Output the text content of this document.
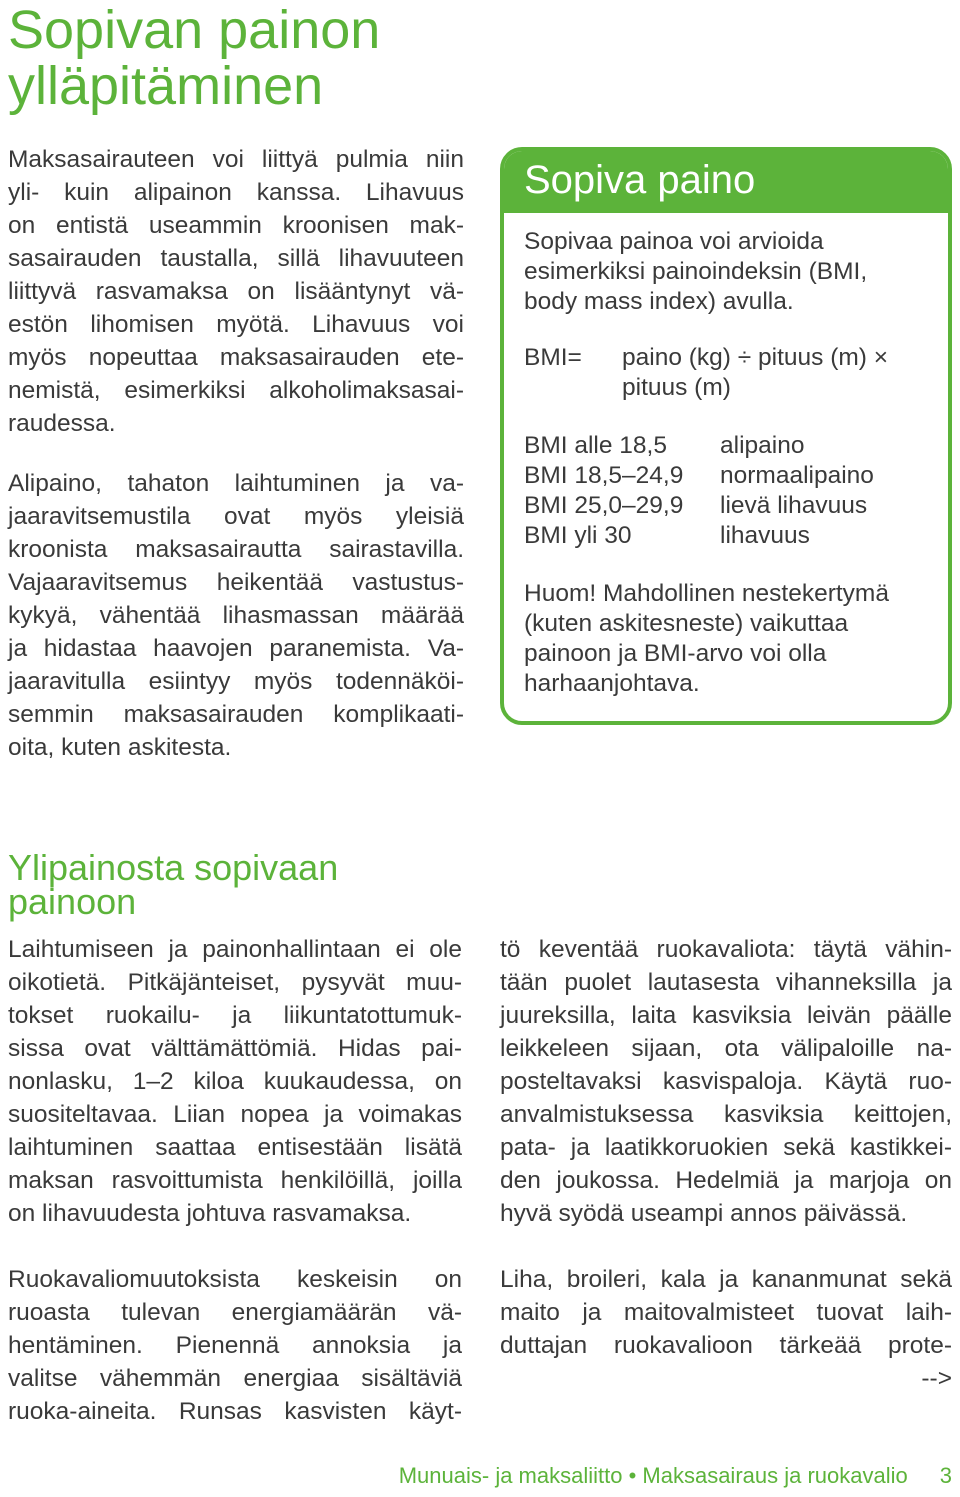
Sopivan painon
ylläpitäminen

Maksasairauteen voi liittyä pulmia niin
yli- kuin alipainon kanssa. Lihavuus
on entistä useammin kroonisen mak-
sasairauden taustalla, sillä lihavuuteen
liittyvä rasvamaksa on lisääntynyt vä-
estön lihomisen myötä. Lihavuus voi
myös nopeuttaa maksasairauden ete-
nemistä, esimerkiksi alkoholimaksasai-
raudessa.

Alipaino, tahaton laihtuminen ja va-
jaaravitsemustila ovat myös yleisiä
kroonista maksasairautta sairastavilla.
Vajaaravitsemus heikentää vastustus-
kykyä, vähentää lihasmassan määrää
ja hidastaa haavojen paranemista. Va-
jaaravitulla esiintyy myös todennäköi-
semmin maksasairauden komplikaati-
oita, kuten askitesta.

Sopiva paino
Sopivaa painoa voi arvioida
esimerkiksi painoindeksin (BMI,
body mass index) avulla.
BMI=	paino (kg) ÷ pituus (m) ×
pituus (m)
BMI alle 18,5	alipaino
BMI 18,5–24,9	normaalipaino
BMI 25,0–29,9	lievä lihavuus
BMI yli 30	lihavuus
Huom! Mahdollinen nestekertymä
(kuten askitesneste) vaikuttaa
painoon ja BMI-arvo voi olla
harhaanjohtava.
Ylipainosta sopivaan
painoon

Laihtumiseen ja painonhallintaan ei ole
oikotietä. Pitkäjänteiset, pysyvät muu-
tokset ruokailu- ja liikuntatottumuk-
sissa ovat välttämättömiä. Hidas pai-
nonlasku, 1–2 kiloa kuukaudessa, on
suositeltavaa. Liian nopea ja voimakas
laihtuminen saattaa entisestään lisätä
maksan rasvoittumista henkilöillä, joilla
on lihavuudesta johtuva rasvamaksa.

Ruokavaliomuutoksista keskeisin on
ruoasta tulevan energiamäärän vä-
hentäminen. Pienennä annoksia ja
valitse vähemmän energiaa sisältäviä
ruoka-aineita. Runsas kasvisten käyt-

tö keventää ruokavaliota: täytä vähin-
tään puolet lautasesta vihanneksilla ja
juureksilla, laita kasviksia leivän päälle
leikkeleen sijaan, ota välipaloille na-
posteltavaksi kasvispaloja. Käytä ruo-
anvalmistuksessa kasviksia keittojen,
pata- ja laatikkoruokien sekä kastikkei-
den joukossa. Hedelmiä ja marjoja on
hyvä syödä useampi annos päivässä.

Liha, broileri, kala ja kananmunat sekä
maito ja maitovalmisteet tuovat laih-
duttajan ruokavalioon tärkeää prote-
-->

Munuais- ja maksaliitto • Maksasairaus ja ruokavalio 3
